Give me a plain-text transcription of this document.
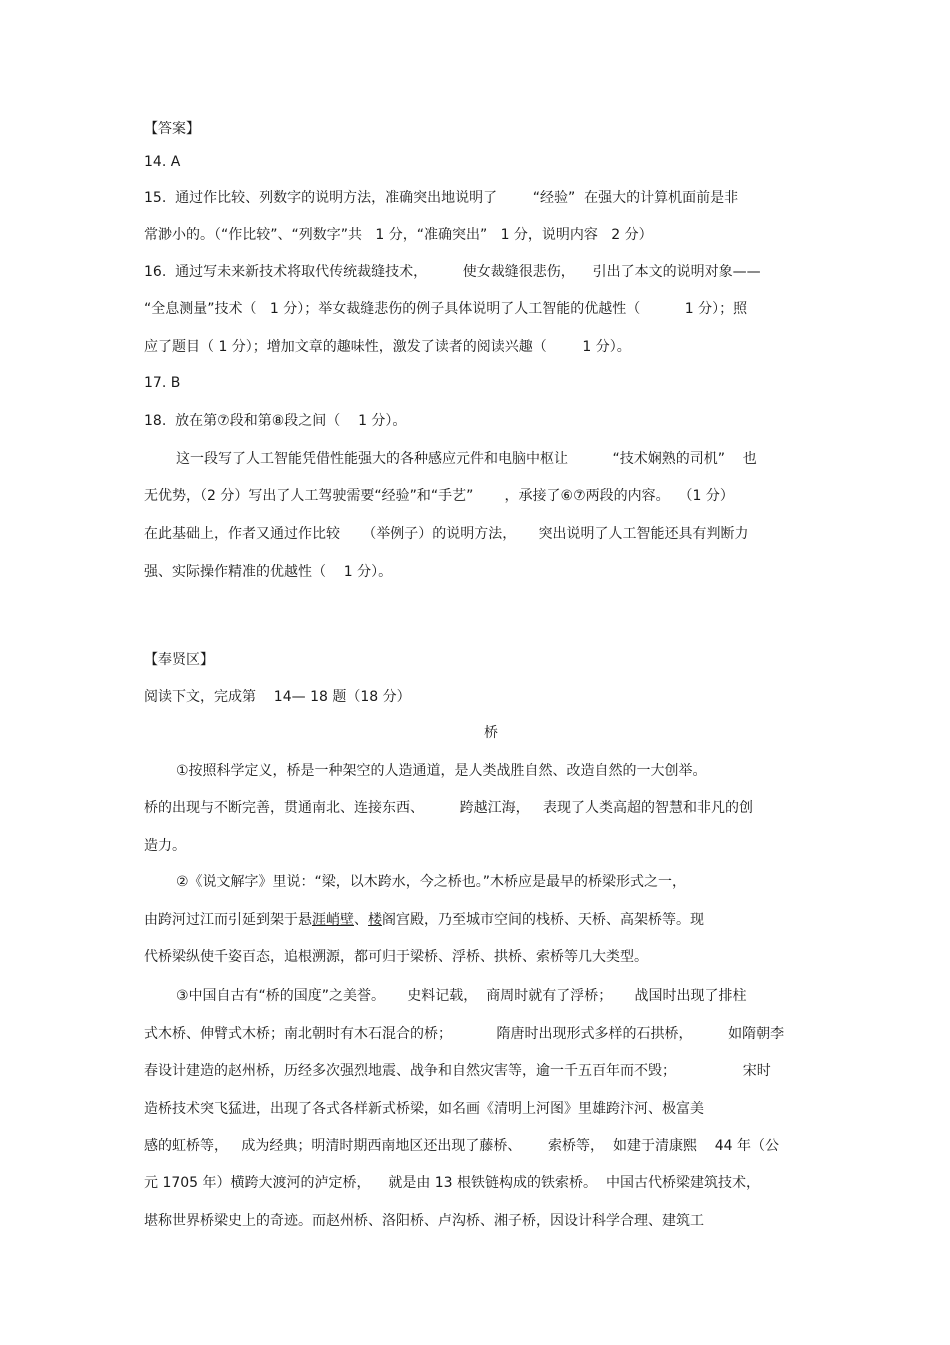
【答案】
14. A
15.  通过作比较、列数字的说明方法，准确突出地说明了        “经验”  在强大的计算机面前是非
常渺小的。（“作比较”、“列数字”共   1 分，“准确突出”   1 分，说明内容   2 分）
16.  通过写未来新技术将取代传统裁缝技术，        使女裁缝很悲伤，    引出了本文的说明对象——
“全息测量”技术（   1 分）；举女裁缝悲伤的例子具体说明了人工智能的优越性（          1 分）；照
应了题目（ 1 分）；增加文章的趣味性，激发了读者的阅读兴趣（        1 分）。
17. B
18.  放在第⑦段和第⑧段之间（    1 分）。
这一段写了人工智能凭借性能强大的各种感应元件和电脑中枢让          “技术娴熟的司机”    也
无优势，（2 分）写出了人工驾驶需要“经验”和“手艺”       ，承接了⑥⑦两段的内容。  （1 分）
在此基础上，作者又通过作比较     （举例子）的说明方法，     突出说明了人工智能还具有判断力
强、实际操作精准的优越性（    1 分）。
【奉贤区】
阅读下文，完成第    14— 18 题（18 分）
桥
①按照科学定义，桥是一种架空的人造通道，是人类战胜自然、改造自然的一大创举。
桥的出现与不断完善，贯通南北、连接东西、        跨越江海，   表现了人类高超的智慧和非凡的创
造力。
②《说文解字》里说：“梁，以木跨水，今之桥也。”木桥应是最早的桥梁形式之一，
由跨河过江而引延到架于悬涯峭壁、楼阁宫殿，乃至城市空间的栈桥、天桥、高架桥等。现
代桥梁纵使千姿百态，追根溯源，都可归于梁桥、浮桥、拱桥、索桥等几大类型。
③中国自古有“桥的国度”之美誉。     史料记载，  商周时就有了浮桥；     战国时出现了排柱
式木桥、伸臂式木桥；南北朝时有木石混合的桥；          隋唐时出现形式多样的石拱桥，        如隋朝李
春设计建造的赵州桥，历经多次强烈地震、战争和自然灾害等，逾一千五百年而不毁；               宋时
造桥技术突飞猛进，出现了各式各样新式桥梁，如名画《清明上河图》里雄跨汴河、极富美
感的虹桥等，   成为经典；明清时期西南地区还出现了藤桥、      索桥等，  如建于清康熙    44 年（公
元 1705 年）横跨大渡河的泸定桥，    就是由 13 根铁链构成的铁索桥。  中国古代桥梁建筑技术，
堪称世界桥梁史上的奇迹。而赵州桥、洛阳桥、卢沟桥、湘子桥，因设计科学合理、建筑工
